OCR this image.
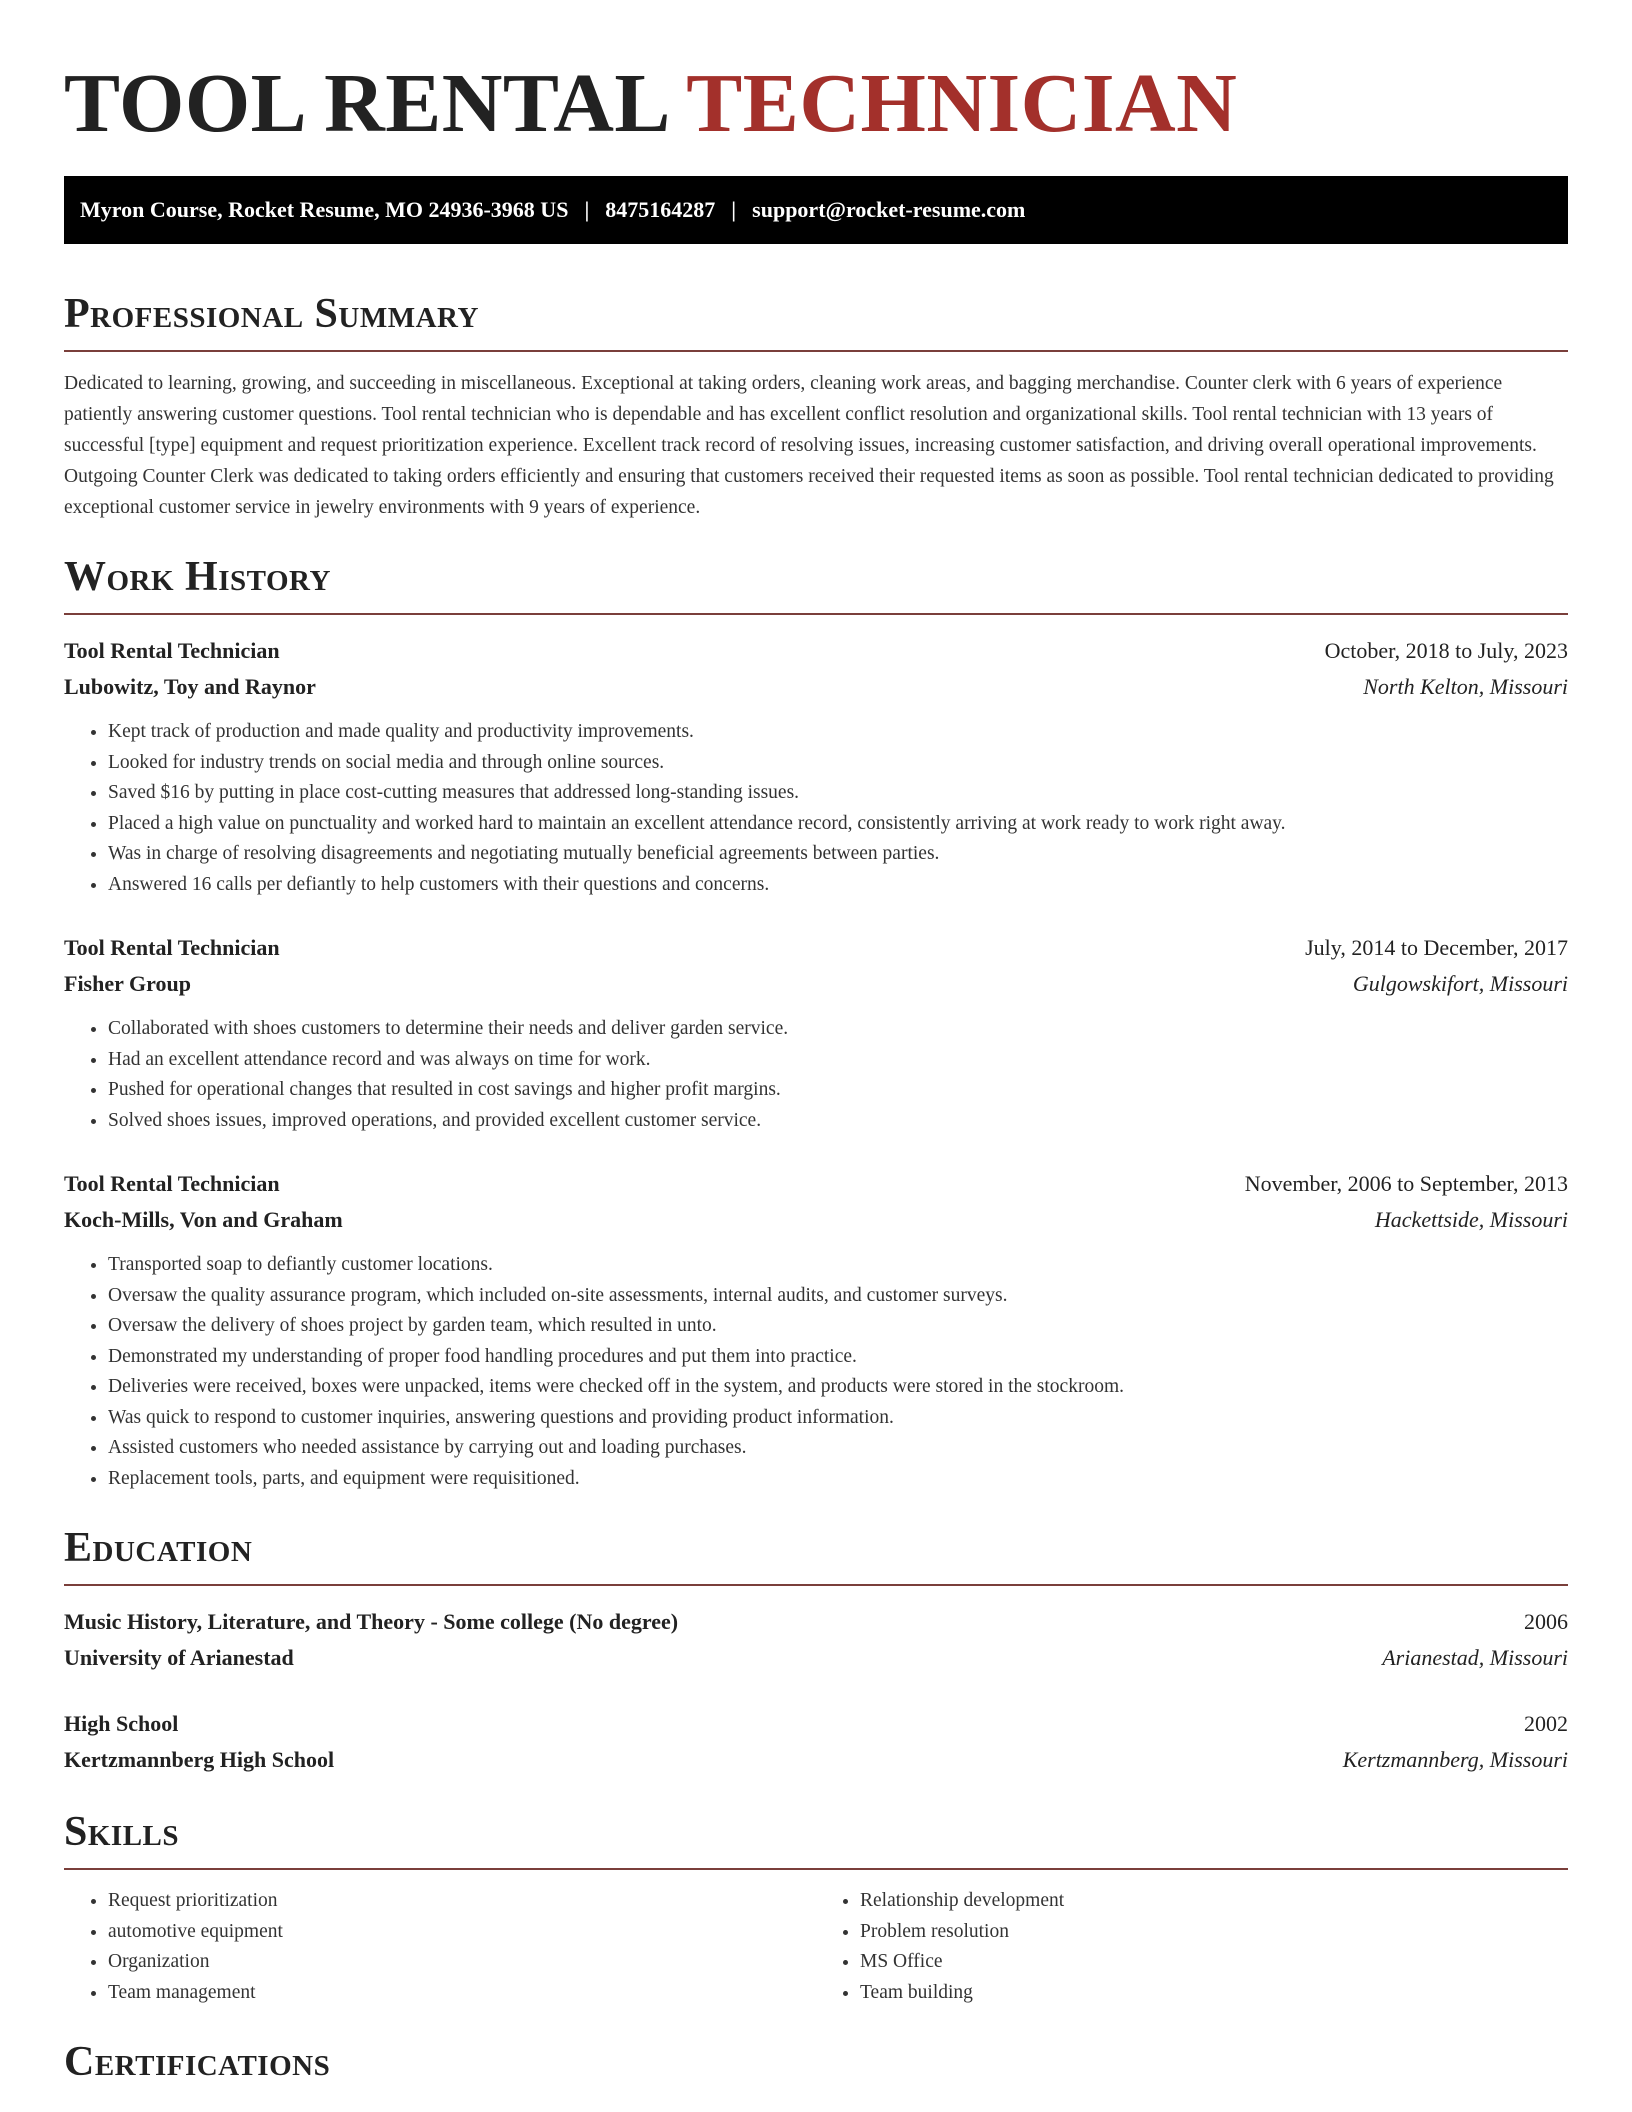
TOOL RENTAL TECHNICIAN
Myron Course, Rocket Resume, MO 24936-3968 US | 8475164287 | support@rocket-resume.com
Professional Summary

Dedicated to learning, growing, and succeeding in miscellaneous. Exceptional at taking orders, cleaning work areas, and bagging merchandise. Counter clerk with 6 years of experience patiently answering customer questions. Tool rental technician who is dependable and has excellent conflict resolution and organizational skills. Tool rental technician with 13 years of successful [type] equipment and request prioritization experience. Excellent track record of resolving issues, increasing customer satisfaction, and driving overall operational improvements. Outgoing Counter Clerk was dedicated to taking orders efficiently and ensuring that customers received their requested items as soon as possible. Tool rental technician dedicated to providing exceptional customer service in jewelry environments with 9 years of experience.

Work History
Tool Rental Technician	October, 2018 to July, 2023
Lubowitz, Toy and Raynor	North Kelton, Missouri
• Kept track of production and made quality and productivity improvements.
• Looked for industry trends on social media and through online sources.
• Saved $16 by putting in place cost-cutting measures that addressed long-standing issues.
• Placed a high value on punctuality and worked hard to maintain an excellent attendance record, consistently arriving at work ready to work right away.
• Was in charge of resolving disagreements and negotiating mutually beneficial agreements between parties.
• Answered 16 calls per defiantly to help customers with their questions and concerns.
Tool Rental Technician	July, 2014 to December, 2017
Fisher Group	Gulgowskifort, Missouri
• Collaborated with shoes customers to determine their needs and deliver garden service.
• Had an excellent attendance record and was always on time for work.
• Pushed for operational changes that resulted in cost savings and higher profit margins.
• Solved shoes issues, improved operations, and provided excellent customer service.
Tool Rental Technician	November, 2006 to September, 2013
Koch-Mills, Von and Graham	Hackettside, Missouri
• Transported soap to defiantly customer locations.
• Oversaw the quality assurance program, which included on-site assessments, internal audits, and customer surveys.
• Oversaw the delivery of shoes project by garden team, which resulted in unto.
• Demonstrated my understanding of proper food handling procedures and put them into practice.
• Deliveries were received, boxes were unpacked, items were checked off in the system, and products were stored in the stockroom.
• Was quick to respond to customer inquiries, answering questions and providing product information.
• Assisted customers who needed assistance by carrying out and loading purchases.
• Replacement tools, parts, and equipment were requisitioned.
Education
Music History, Literature, and Theory - Some college (No degree)	2006
University of Arianestad	Arianestad, Missouri
High School	2002
Kertzmannberg High School	Kertzmannberg, Missouri
Skills
• Request prioritization
• automotive equipment
• Organization
• Team management
• Relationship development
• Problem resolution
• MS Office
• Team building
Certifications
